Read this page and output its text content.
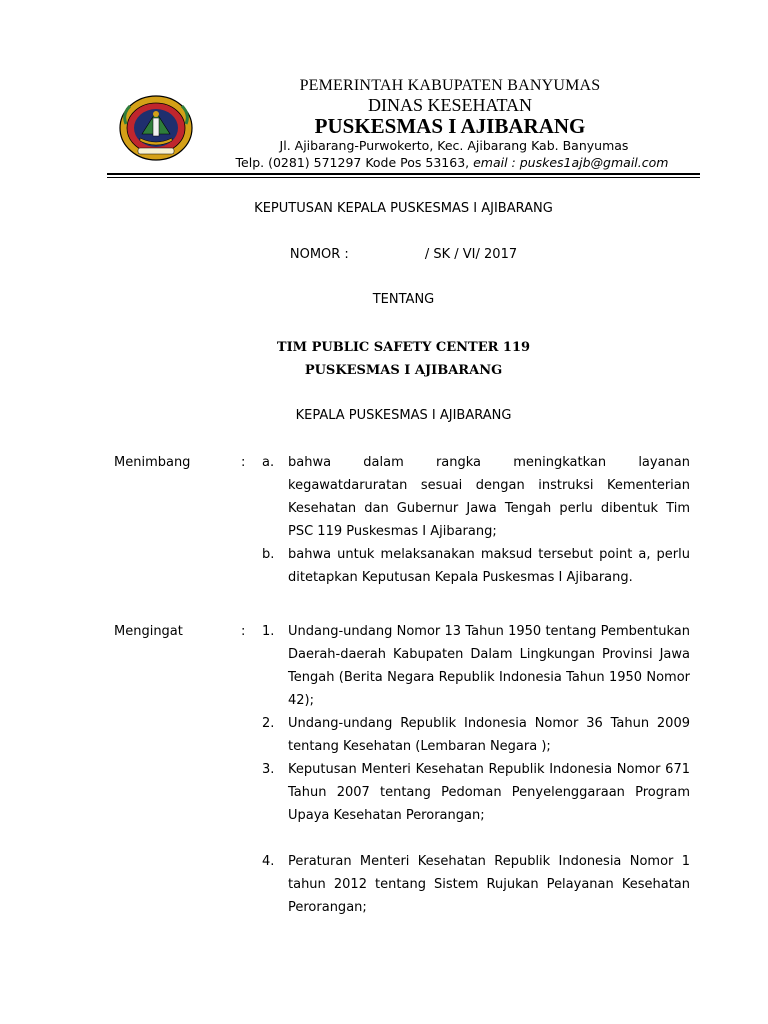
PEMERINTAH KABUPATEN BANYUMAS
DINAS KESEHATAN
PUSKESMAS I AJIBARANG
Jl. Ajibarang-Purwokerto, Kec. Ajibarang Kab. Banyumas
Telp. (0281) 571297 Kode Pos 53163, email : puskes1ajb@gmail.com
KEPUTUSAN KEPALA PUSKESMAS I AJIBARANG
NOMOR :	/ SK / VI/ 2017
TENTANG
TIM PUBLIC SAFETY CENTER 119
PUSKESMAS I AJIBARANG
KEPALA PUSKESMAS I AJIBARANG
Menimbang	: a. bahwa dalam rangka meningkatkan layanan kegawatdaruratan sesuai dengan instruksi Kementerian Kesehatan dan Gubernur Jawa Tengah perlu dibentuk Tim PSC 119 Puskesmas I Ajibarang;

b. bahwa untuk melaksanakan maksud tersebut point a, perlu ditetapkan Keputusan Kepala Puskesmas I Ajibarang.

Mengingat	: 1. Undang-undang Nomor 13 Tahun 1950 tentang Pembentukan Daerah-daerah Kabupaten Dalam Lingkungan Provinsi Jawa Tengah (Berita Negara Republik Indonesia Tahun 1950 Nomor 42);

2. Undang-undang Republik Indonesia Nomor 36 Tahun 2009 tentang Kesehatan (Lembaran Negara );

3. Keputusan Menteri Kesehatan Republik Indonesia Nomor 671 Tahun 2007 tentang Pedoman Penyelenggaraan Program Upaya Kesehatan Perorangan;

4. Peraturan Menteri Kesehatan Republik Indonesia Nomor 1 tahun 2012 tentang Sistem Rujukan Pelayanan Kesehatan Perorangan;
